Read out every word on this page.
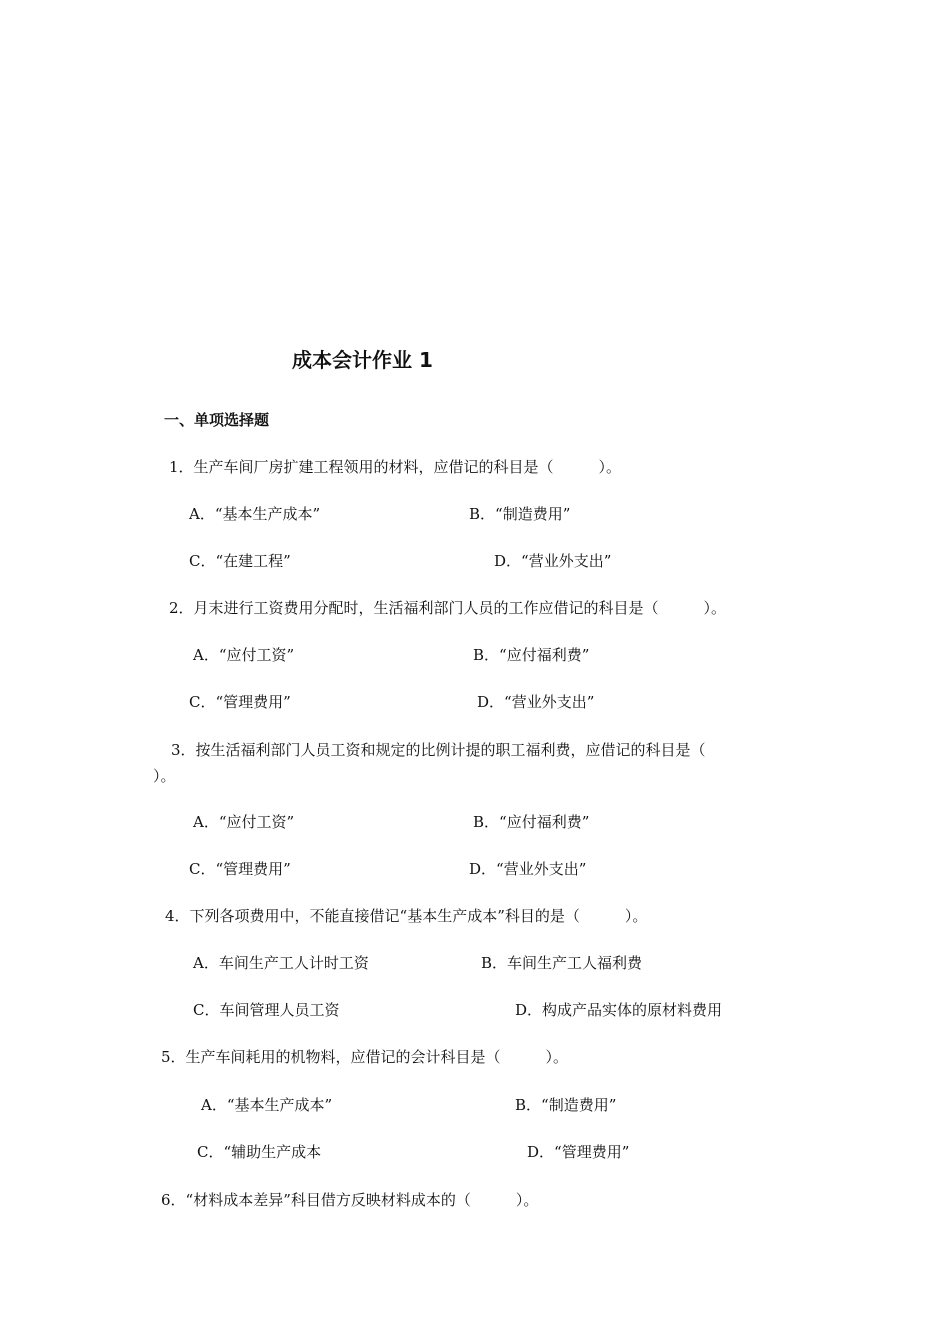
成本会计作业 1
一、单项选择题
1．生产车间厂房扩建工程领用的材料，应借记的科目是（　　　）。
A．“基本生产成本”	B．“制造费用”
C．“在建工程”	D．“营业外支出”
2．月末进行工资费用分配时，生活福利部门人员的工作应借记的科目是（　　　）。
A．“应付工资”	B．“应付福利费”
C．“管理费用”	D．“营业外支出”
3．按生活福利部门人员工资和规定的比例计提的职工福利费，应借记的科目是（
）。
A．“应付工资”	B．“应付福利费”
C．“管理费用”	D．“营业外支出”
4．下列各项费用中，不能直接借记“基本生产成本”科目的是（　　　）。
A．车间生产工人计时工资	B．车间生产工人福利费
C．车间管理人员工资	D．构成产品实体的原材料费用
5．生产车间耗用的机物料，应借记的会计科目是（　　　）。
A．“基本生产成本”	B．“制造费用”
C．“辅助生产成本	D．“管理费用”
6．“材料成本差异”科目借方反映材料成本的（　　　）。
